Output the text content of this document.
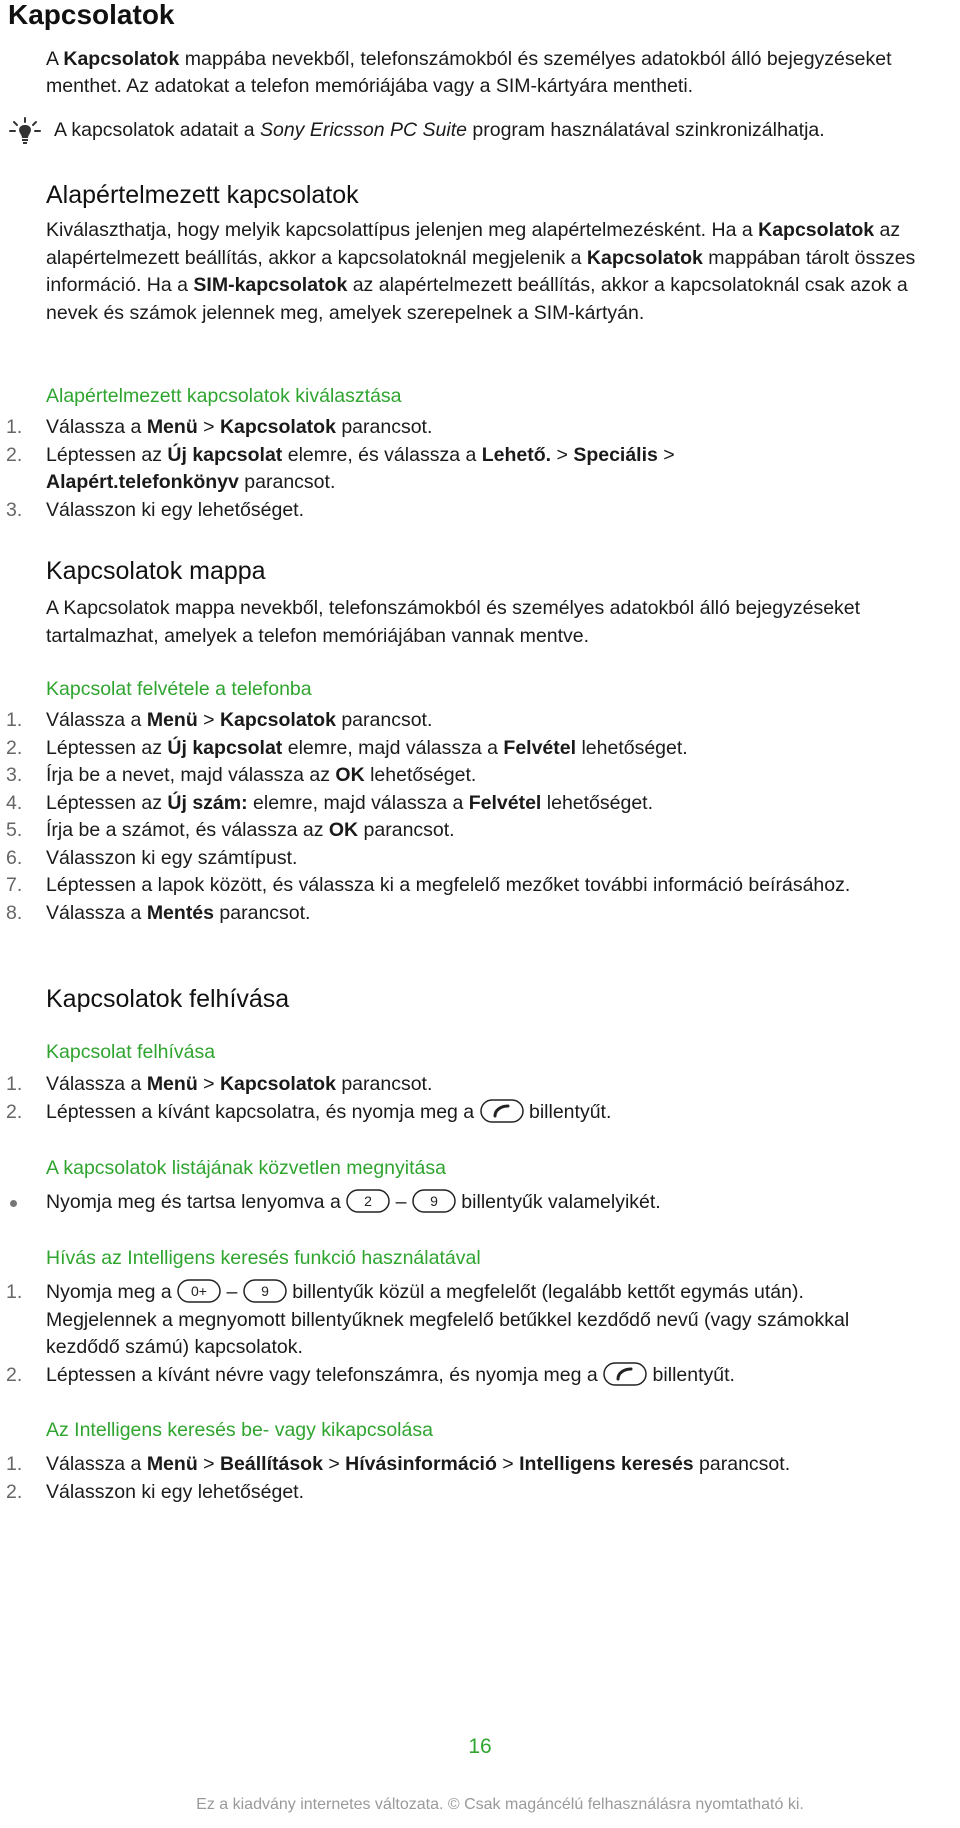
Kapcsolatok

A Kapcsolatok mappába nevekből, telefonszámokból és személyes adatokból álló bejegyzéseket menthet. Az adatokat a telefon memóriájába vagy a SIM-kártyára mentheti.

A kapcsolatok adatait a Sony Ericsson PC Suite program használatával szinkronizálhatja.
Alapértelmezett kapcsolatok

Kiválaszthatja, hogy melyik kapcsolattípus jelenjen meg alapértelmezésként. Ha a Kapcsolatok az alapértelmezett beállítás, akkor a kapcsolatoknál megjelenik a Kapcsolatok mappában tárolt összes információ. Ha a SIM-kapcsolatok az alapértelmezett beállítás, akkor a kapcsolatoknál csak azok a nevek és számok jelennek meg, amelyek szerepelnek a SIM-kártyán.

Alapértelmezett kapcsolatok kiválasztása
1. Válassza a Menü > Kapcsolatok parancsot.
2. Léptessen az Új kapcsolat elemre, és válassza a Lehető. > Speciális > Alapért.telefonkönyv parancsot.
3. Válasszon ki egy lehetőséget.
Kapcsolatok mappa

A Kapcsolatok mappa nevekből, telefonszámokból és személyes adatokból álló bejegyzéseket tartalmazhat, amelyek a telefon memóriájában vannak mentve.

Kapcsolat felvétele a telefonba
1. Válassza a Menü > Kapcsolatok parancsot.
2. Léptessen az Új kapcsolat elemre, majd válassza a Felvétel lehetőséget.
3. Írja be a nevet, majd válassza az OK lehetőséget.
4. Léptessen az Új szám: elemre, majd válassza a Felvétel lehetőséget.
5. Írja be a számot, és válassza az OK parancsot.
6. Válasszon ki egy számtípust.
7. Léptessen a lapok között, és válassza ki a megfelelő mezőket további információ beírásához.
8. Válassza a Mentés parancsot.
Kapcsolatok felhívása
Kapcsolat felhívása
1. Válassza a Menü > Kapcsolatok parancsot.
2. Léptessen a kívánt kapcsolatra, és nyomja meg a  billentyűt.
A kapcsolatok listájának közvetlen megnyitása
Nyomja meg és tartsa lenyomva a 2 – 9 billentyűk valamelyikét.
Hívás az Intelligens keresés funkció használatával
1. Nyomja meg a 0+ – 9 billentyűk közül a megfelelőt (legalább kettőt egymás után). Megjelennek a megnyomott billentyűknek megfelelő betűkkel kezdődő nevű (vagy számokkal kezdődő számú) kapcsolatok.
2. Léptessen a kívánt névre vagy telefonszámra, és nyomja meg a  billentyűt.
Az Intelligens keresés be- vagy kikapcsolása
1. Válassza a Menü > Beállítások > Hívásinformáció > Intelligens keresés parancsot.
2. Válasszon ki egy lehetőséget.
16
Ez a kiadvány internetes változata. © Csak magáncélú felhasználásra nyomtatható ki.
